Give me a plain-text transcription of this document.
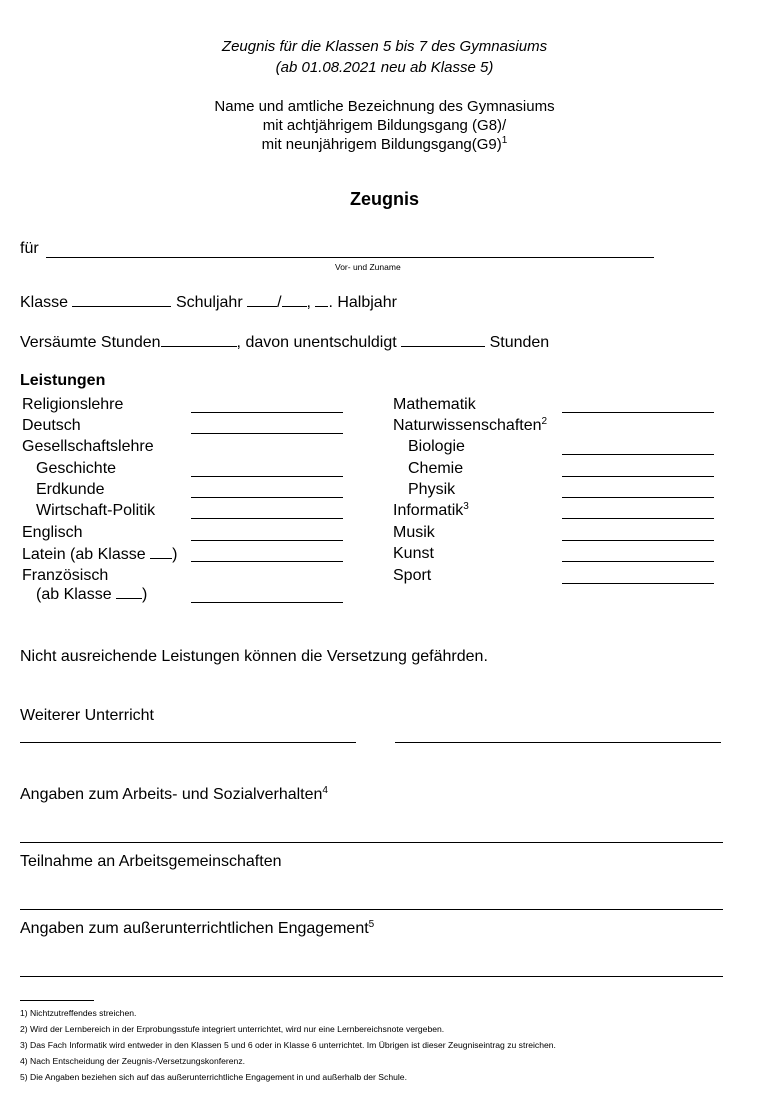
Zeugnis für die Klassen 5 bis 7 des Gymnasiums
(ab 01.08.2021 neu ab Klasse 5)
Name und amtliche Bezeichnung des Gymnasiums
mit achtjährigem Bildungsgang (G8)/
mit neunjährigem $Bildungsgang(G9)^1$
Zeugnis
für
Vor- und Zuname
Klasse	Schuljahr / , . Halbjahr
Versäumte Stunden	, davon unentschuldigt	Stunden
Leistungen
Religionslehre
Deutsch
Gesellschaftslehre
Geschichte
Erdkunde
Wirtschaft-Politik
Englisch
Latein (ab Klasse )
Französisch
(ab Klasse )
Mathematik
Naturwissenschaften$^2$
Biologie
Chemie
Physik
Informatik$^3$
Musik
Kunst
Sport
Nicht ausreichende Leistungen können die Versetzung gefährden.
Weiterer Unterricht
Angaben zum Arbeits- und Sozialverhalten$^4$
Teilnahme an Arbeitsgemeinschaften
Angaben zum außerunterrichtlichen Engagement$^5$
1) Nichtzutreffendes streichen.
2) Wird der Lernbereich in der Erprobungsstufe integriert unterrichtet, wird nur eine Lernbereichsnote vergeben.
3) Das Fach Informatik wird entweder in den Klassen 5 und 6 oder in Klasse 6 unterrichtet. Im Übrigen ist dieser Zeugniseintrag zu streichen.
4) Nach Entscheidung der Zeugnis-/Versetzungskonferenz.
5) Die Angaben beziehen sich auf das außerunterrichtliche Engagement in und außerhalb der Schule.
